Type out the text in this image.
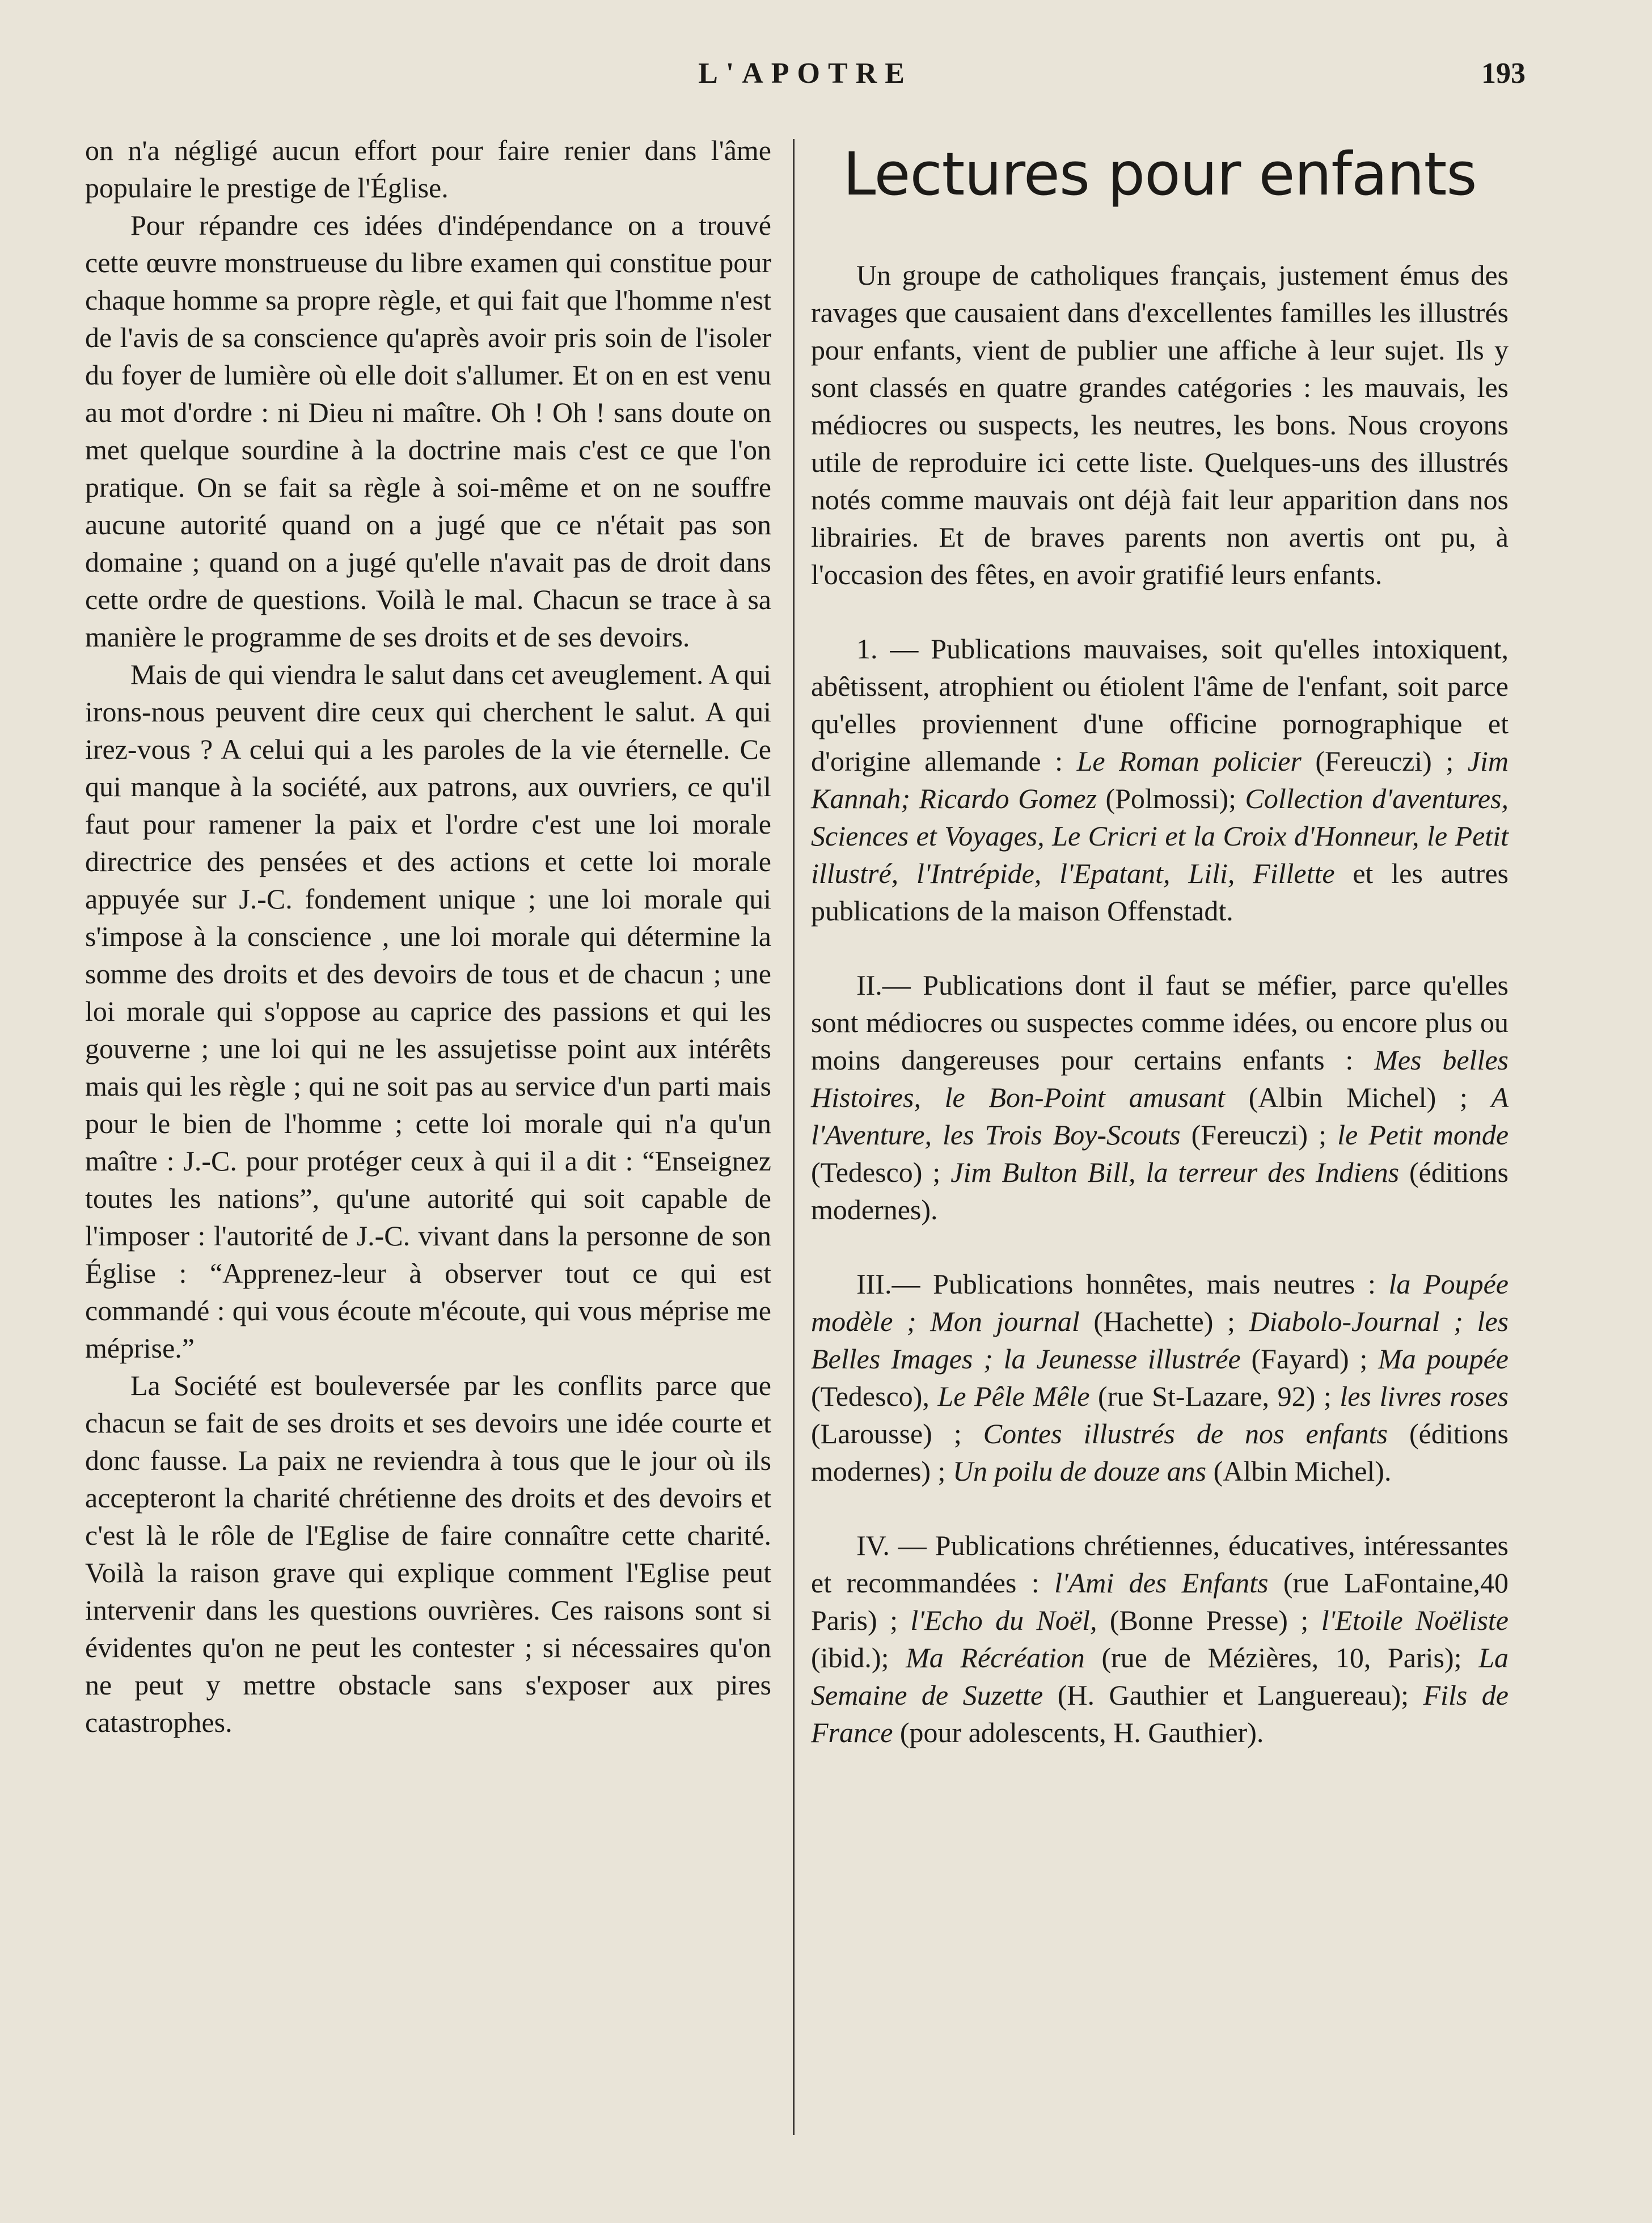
L'APOTRE	193

on n'a négligé aucun effort pour faire renier dans l'âme populaire le prestige de l'Église.

Pour répandre ces idées d'indépendance on a trouvé cette œuvre monstrueuse du libre examen qui constitue pour chaque homme sa propre règle, et qui fait que l'homme n'est de l'avis de sa conscience qu'après avoir pris soin de l'isoler du foyer de lumière où elle doit s'allumer. Et on en est venu au mot d'ordre : ni Dieu ni maître. Oh ! Oh ! sans doute on met quelque sourdine à la doctrine mais c'est ce que l'on pratique. On se fait sa règle à soi-même et on ne souffre aucune autorité quand on a jugé que ce n'était pas son domaine ; quand on a jugé qu'elle n'avait pas de droit dans cette ordre de questions. Voilà le mal. Chacun se trace à sa manière le programme de ses droits et de ses devoirs.

Mais de qui viendra le salut dans cet aveuglement. A qui irons-nous peuvent dire ceux qui cherchent le salut. A qui irez-vous ? A celui qui a les paroles de la vie éternelle. Ce qui manque à la société, aux patrons, aux ouvriers, ce qu'il faut pour ramener la paix et l'ordre c'est une loi morale directrice des pensées et des actions et cette loi morale appuyée sur J.-C. fondement unique ; une loi morale qui s'impose à la conscience , une loi morale qui détermine la somme des droits et des devoirs de tous et de chacun ; une loi morale qui s'oppose au caprice des passions et qui les gouverne ; une loi qui ne les assujetisse point aux intérêts mais qui les règle ; qui ne soit pas au service d'un parti mais pour le bien de l'homme ; cette loi morale qui n'a qu'un maître : J.-C. pour protéger ceux à qui il a dit : “Enseignez toutes les nations”, qu'une autorité qui soit capable de l'imposer : l'autorité de J.-C. vivant dans la personne de son Église : “Apprenez-leur à observer tout ce qui est commandé : qui vous écoute m'écoute, qui vous méprise me méprise.”

La Société est bouleversée par les conflits parce que chacun se fait de ses droits et ses devoirs une idée courte et donc fausse. La paix ne reviendra à tous que le jour où ils accepteront la charité chrétienne des droits et des devoirs et c'est là le rôle de l'Eglise de faire connaître cette charité. Voilà la raison grave qui explique comment l'Eglise peut intervenir dans les questions ouvrières. Ces raisons sont si évidentes qu'on ne peut les contester ; si nécessaires qu'on ne peut y mettre obstacle sans s'exposer aux pires catastrophes.

Lectures pour enfants

Un groupe de catholiques français, justement émus des ravages que causaient dans d'excellentes familles les illustrés pour enfants, vient de publier une affiche à leur sujet. Ils y sont classés en quatre grandes catégories : les mauvais, les médiocres ou suspects, les neutres, les bons. Nous croyons utile de reproduire ici cette liste. Quelques-uns des illustrés notés comme mauvais ont déjà fait leur apparition dans nos librairies. Et de braves parents non avertis ont pu, à l'occasion des fêtes, en avoir gratifié leurs enfants.

1. — Publications mauvaises, soit qu'elles intoxiquent, abêtissent, atrophient ou étiolent l'âme de l'enfant, soit parce qu'elles proviennent d'une officine pornographique et d'origine allemande : Le Roman policier (Fereuczi) ; Jim Kannah; Ricardo Gomez (Polmossi); Collection d'aventures, Sciences et Voyages, Le Cricri et la Croix d'Honneur, le Petit illustré, l'Intrépide, l'Epatant, Lili, Fillette et les autres publications de la maison Offenstadt.

II.— Publications dont il faut se méfier, parce qu'elles sont médiocres ou suspectes comme idées, ou encore plus ou moins dangereuses pour certains enfants : Mes belles Histoires, le Bon-Point amusant (Albin Michel) ; A l'Aventure, les Trois Boy-Scouts (Fereuczi) ; le Petit monde (Tedesco) ; Jim Bulton Bill, la terreur des Indiens (éditions modernes).

III.— Publications honnêtes, mais neutres : la Poupée modèle ; Mon journal (Hachette) ; Diabolo-Journal ; les Belles Images ; la Jeunesse illustrée (Fayard) ; Ma poupée (Tedesco), Le Pêle Mêle (rue St-Lazare, 92) ; les livres roses (Larousse) ; Contes illustrés de nos enfants (éditions modernes) ; Un poilu de douze ans (Albin Michel).

IV. — Publications chrétiennes, éducatives, intéressantes et recommandées : l'Ami des Enfants (rue LaFontaine,40 Paris) ; l'Echo du Noël, (Bonne Presse) ; l'Etoile Noëliste (ibid.); Ma Récréation (rue de Mézières, 10, Paris); La Semaine de Suzette (H. Gauthier et Languereau); Fils de France (pour adolescents, H. Gauthier).
